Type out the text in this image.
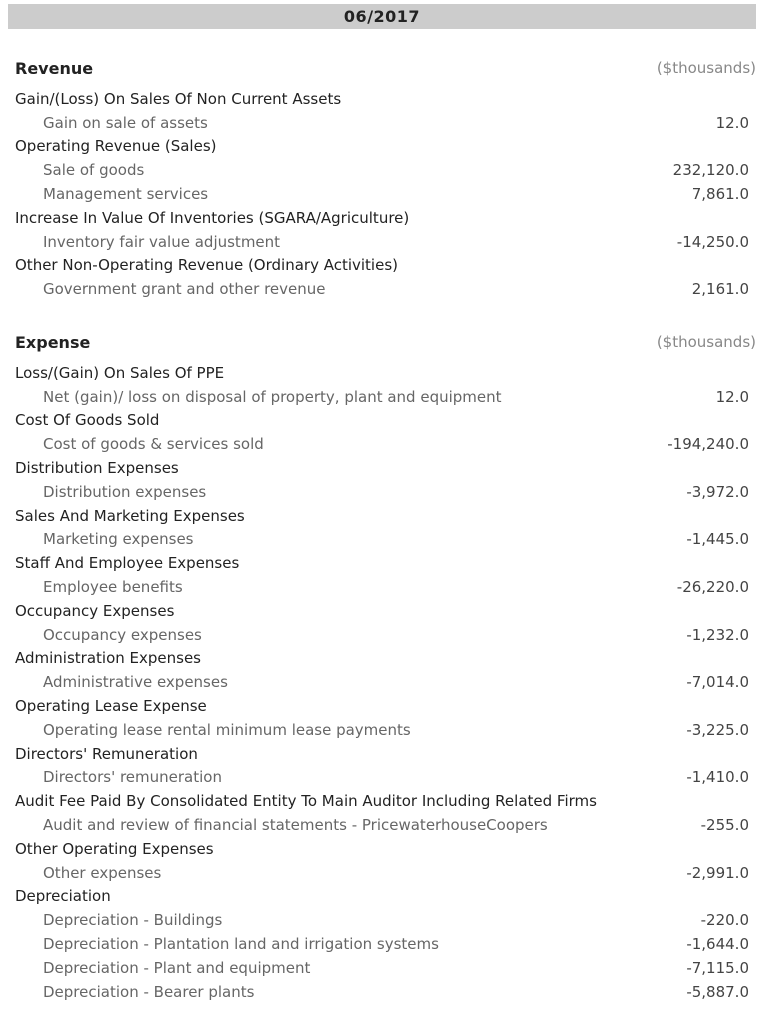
06/2017
Revenue	($thousands)
Gain/(Loss) On Sales Of Non Current Assets
Gain on sale of assets	12.0
Operating Revenue (Sales)
Sale of goods	232,120.0
Management services	7,861.0
Increase In Value Of Inventories (SGARA/Agriculture)
Inventory fair value adjustment	-14,250.0
Other Non-Operating Revenue (Ordinary Activities)
Government grant and other revenue	2,161.0
Expense	($thousands)
Loss/(Gain) On Sales Of PPE
Net (gain)/ loss on disposal of property, plant and equipment	12.0
Cost Of Goods Sold
Cost of goods & services sold	-194,240.0
Distribution Expenses
Distribution expenses	-3,972.0
Sales And Marketing Expenses
Marketing expenses	-1,445.0
Staff And Employee Expenses
Employee benefits	-26,220.0
Occupancy Expenses
Occupancy expenses	-1,232.0
Administration Expenses
Administrative expenses	-7,014.0
Operating Lease Expense
Operating lease rental minimum lease payments	-3,225.0
Directors' Remuneration
Directors' remuneration	-1,410.0
Audit Fee Paid By Consolidated Entity To Main Auditor Including Related Firms
Audit and review of financial statements - PricewaterhouseCoopers	-255.0
Other Operating Expenses
Other expenses	-2,991.0
Depreciation
Depreciation - Buildings	-220.0
Depreciation - Plantation land and irrigation systems	-1,644.0
Depreciation - Plant and equipment	-7,115.0
Depreciation - Bearer plants	-5,887.0
